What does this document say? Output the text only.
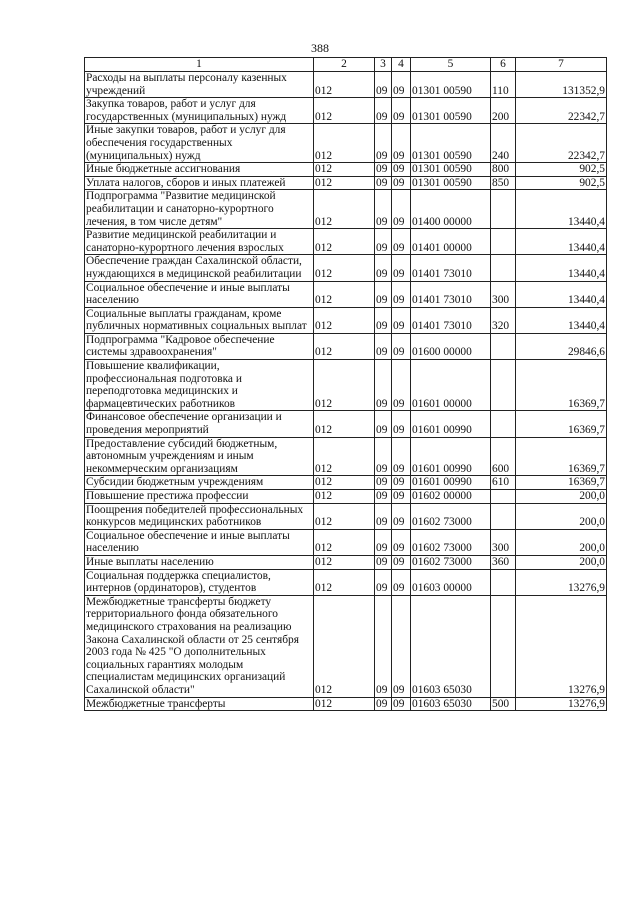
388
1	2	3	4	5	6	7
Расходы на выплаты персоналу казенных учреждений	012	09	09	01301 00590	110	131352,9
Закупка товаров, работ и услуг для государственных (муниципальных) нужд	012	09	09	01301 00590	200	22342,7
Иные закупки товаров, работ и услуг для обеспечения государственных (муниципальных) нужд	012	09	09	01301 00590	240	22342,7
Иные бюджетные ассигнования	012	09	09	01301 00590	800	902,5
Уплата налогов, сборов и иных платежей	012	09	09	01301 00590	850	902,5
Подпрограмма "Развитие медицинской реабилитации и санаторно-курортного лечения, в том числе детям"	012	09	09	01400 00000		13440,4
Развитие медицинской реабилитации и санаторно-курортного лечения взрослых	012	09	09	01401 00000		13440,4
Обеспечение граждан Сахалинской области, нуждающихся в медицинской реабилитации	012	09	09	01401 73010		13440,4
Социальное обеспечение и иные выплаты населению	012	09	09	01401 73010	300	13440,4
Социальные выплаты гражданам, кроме публичных нормативных социальных выплат	012	09	09	01401 73010	320	13440,4
Подпрограмма "Кадровое обеспечение системы здравоохранения"	012	09	09	01600 00000		29846,6
Повышение квалификации, профессиональная подготовка и переподготовка медицинских и фармацевтических работников	012	09	09	01601 00000		16369,7
Финансовое обеспечение организации и проведения мероприятий	012	09	09	01601 00990		16369,7
Предоставление субсидий бюджетным, автономным учреждениям и иным некоммерческим организациям	012	09	09	01601 00990	600	16369,7
Субсидии бюджетным учреждениям	012	09	09	01601 00990	610	16369,7
Повышение престижа профессии	012	09	09	01602 00000		200,0
Поощрения победителей профессиональных конкурсов медицинских работников	012	09	09	01602 73000		200,0
Социальное обеспечение и иные выплаты населению	012	09	09	01602 73000	300	200,0
Иные выплаты населению	012	09	09	01602 73000	360	200,0
Социальная поддержка специалистов, интернов (ординаторов), студентов	012	09	09	01603 00000		13276,9
Межбюджетные трансферты бюджету территориального фонда обязательного медицинского страхования на реализацию Закона Сахалинской области от 25 сентября 2003 года № 425 "О дополнительных социальных гарантиях молодым специалистам медицинских организаций Сахалинской области"	012	09	09	01603 65030		13276,9
Межбюджетные трансферты	012	09	09	01603 65030	500	13276,9
